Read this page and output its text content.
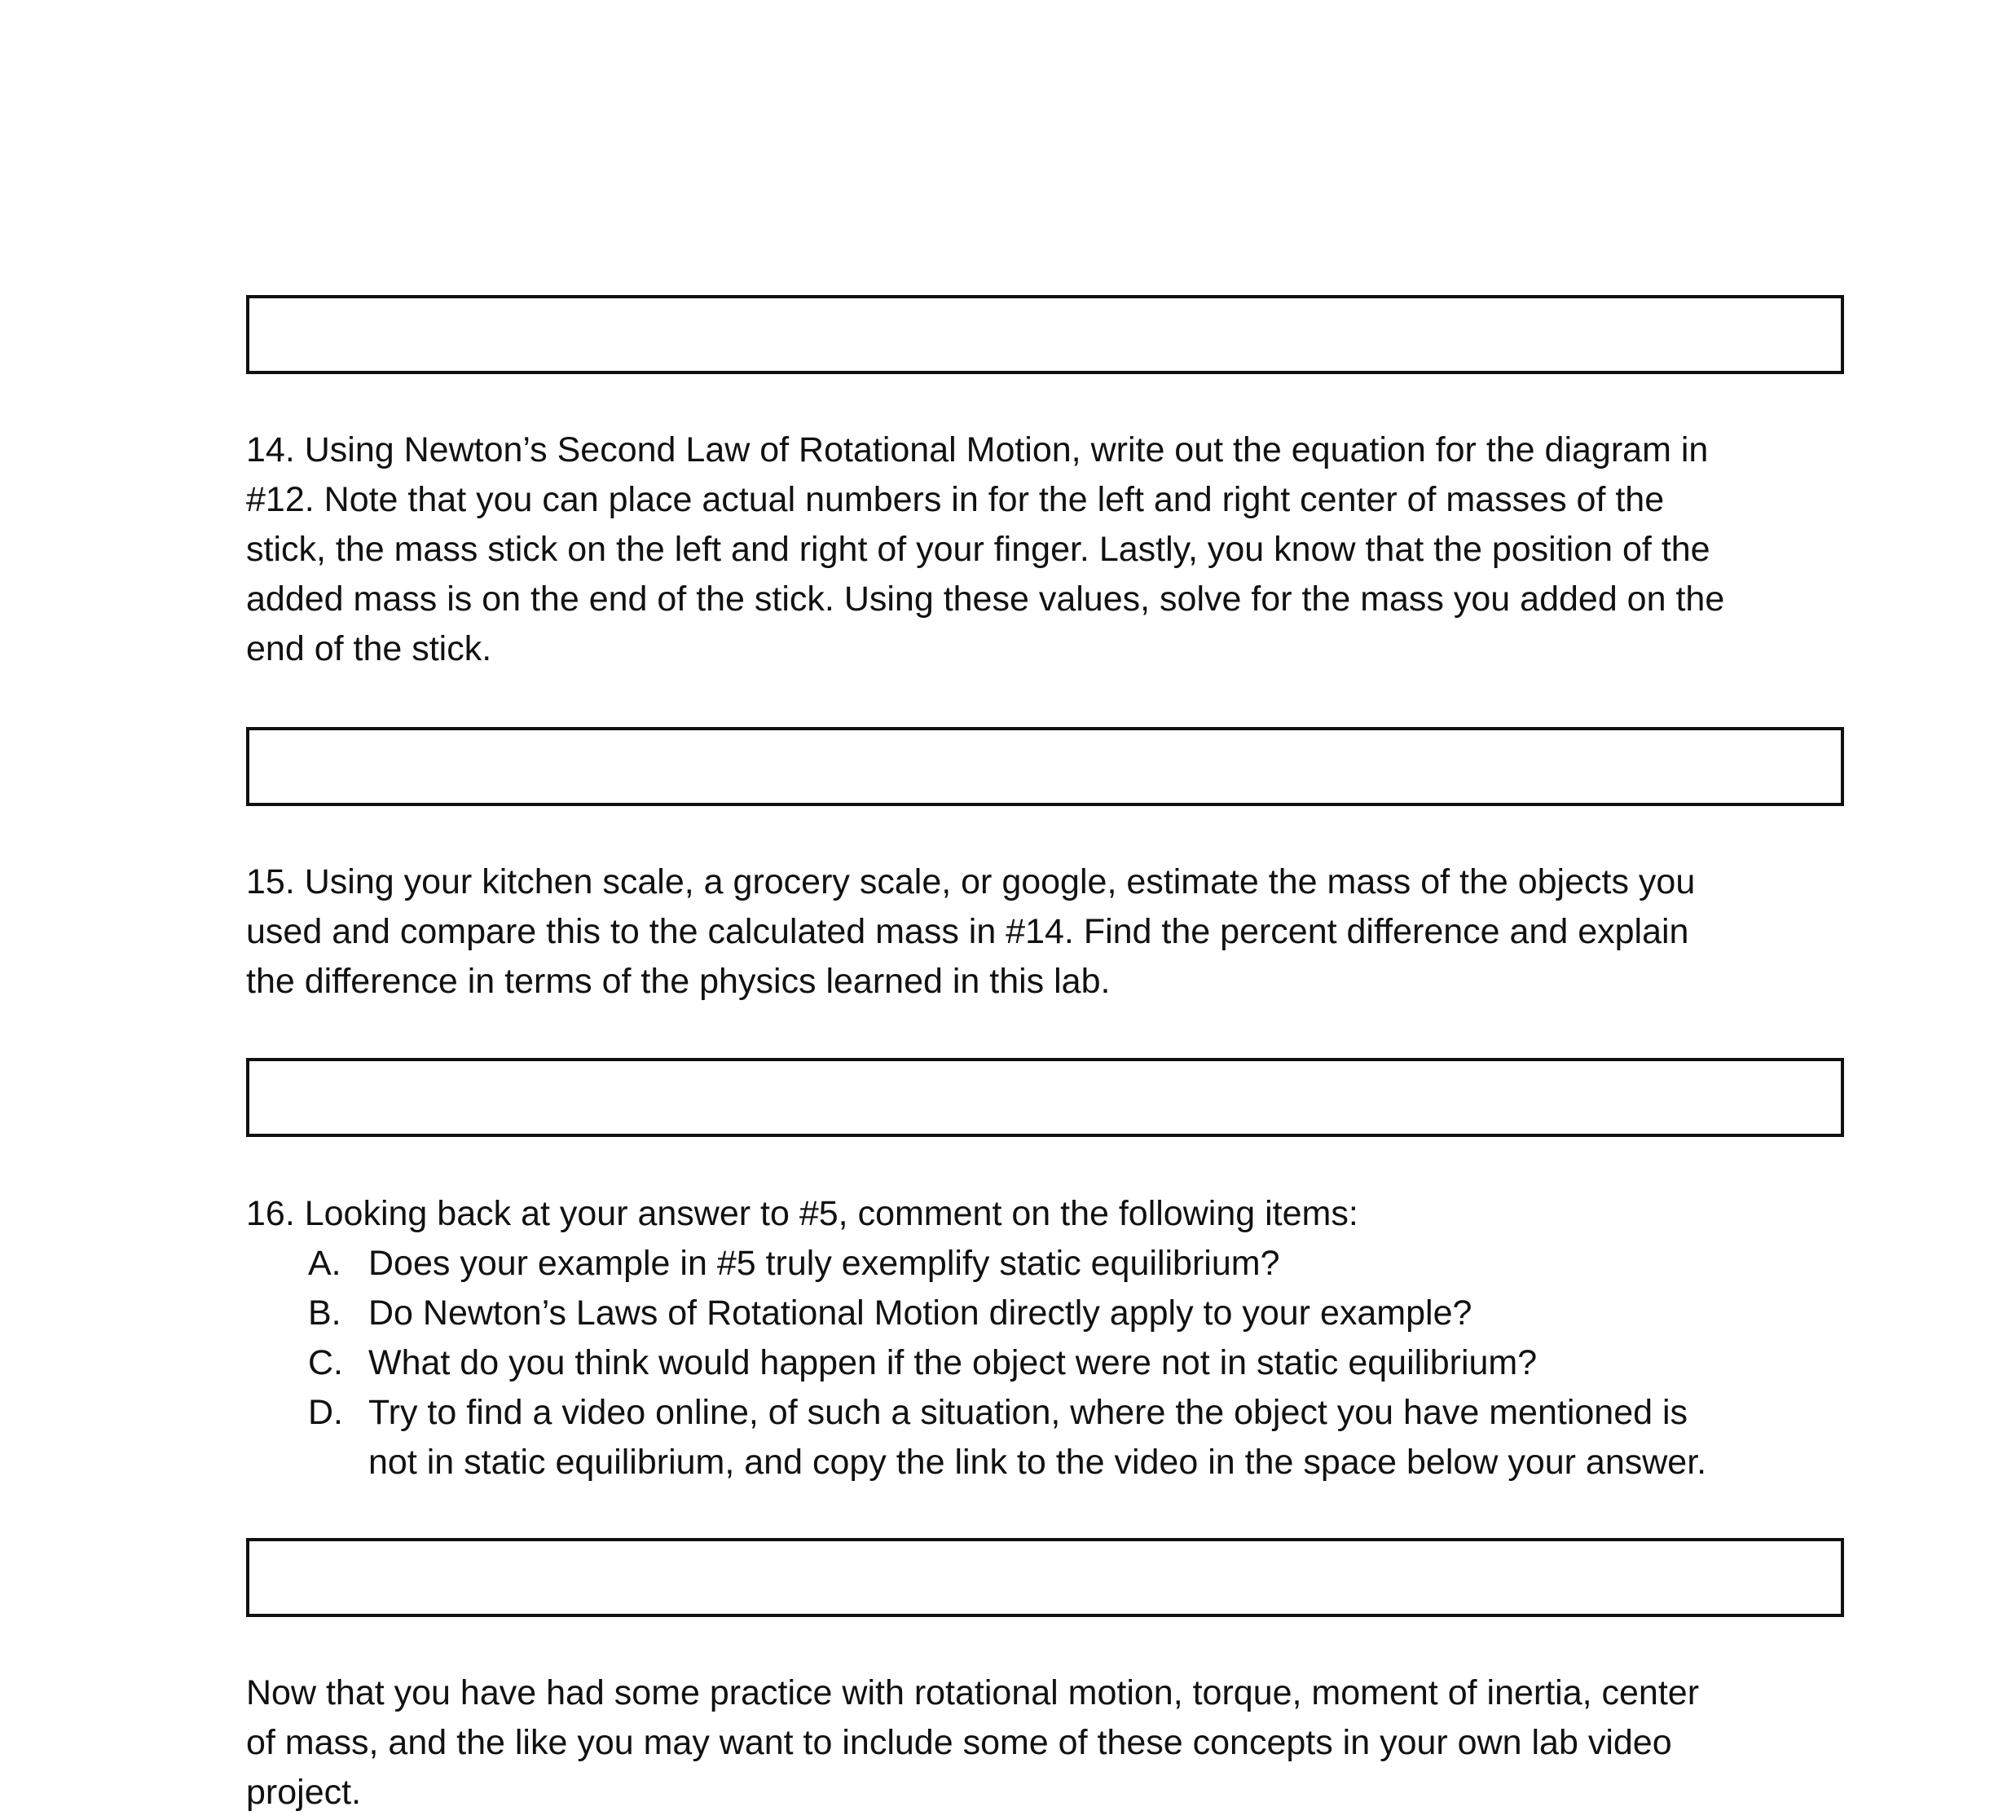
14. Using Newton’s Second Law of Rotational Motion, write out the equation for the diagram in
#12. Note that you can place actual numbers in for the left and right center of masses of the
stick, the mass stick on the left and right of your finger. Lastly, you know that the position of the
added mass is on the end of the stick. Using these values, solve for the mass you added on the
end of the stick.
15. Using your kitchen scale, a grocery scale, or google, estimate the mass of the objects you
used and compare this to the calculated mass in #14. Find the percent difference and explain
the difference in terms of the physics learned in this lab.
16. Looking back at your answer to #5, comment on the following items:
A. Does your example in #5 truly exemplify static equilibrium?
B. Do Newton’s Laws of Rotational Motion directly apply to your example?
C. What do you think would happen if the object were not in static equilibrium?
D. Try to find a video online, of such a situation, where the object you have mentioned is
not in static equilibrium, and copy the link to the video in the space below your answer.
Now that you have had some practice with rotational motion, torque, moment of inertia, center
of mass, and the like you may want to include some of these concepts in your own lab video
project.
